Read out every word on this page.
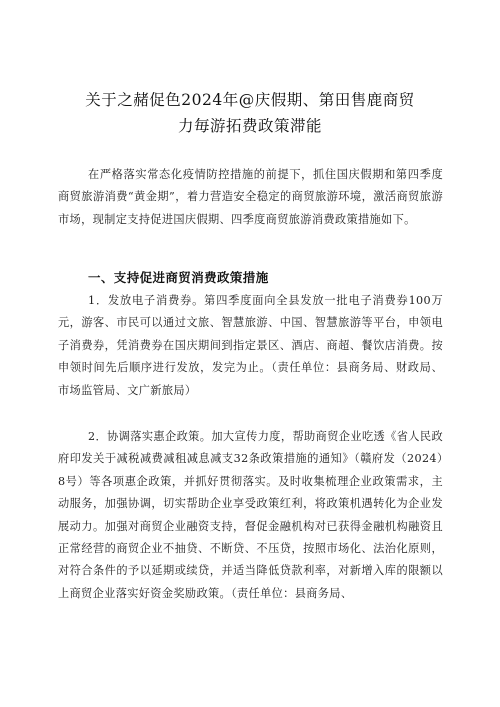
关于之赭促色2024年@庆假期、第田售鹿商贸
力毎游拓费政策滞能

在严格落实常态化疫情防控措施的前提下，抓住国庆假期和第四季度商贸旅游消费“黄金期”，着力营造安全稳定的商贸旅游环境，激活商贸旅游市场，现制定支持促进国庆假期、四季度商贸旅游消费政策措施如下。

一、支持促进商贸消费政策措施

1．发放电子消费券。第四季度面向全县发放一批电子消费券100万元，游客、市民可以通过文旅、智慧旅游、中国、智慧旅游等平台，申领电子消费券，凭消费券在国庆期间到指定景区、酒店、商超、餐饮店消费。按申领时间先后顺序进行发放，发完为止。（责任单位：县商务局、财政局、市场监管局、文广新旅局）

2．协调落实惠企政策。加大宣传力度，帮助商贸企业吃透《省人民政府印发关于减税减费减租减息减支32条政策措施的通知》（赣府发（2024）8号）等各项惠企政策，并抓好贯彻落实。及时收集梳理企业政策需求，主动服务，加强协调，切实帮助企业享受政策红利，将政策机遇转化为企业发展动力。加强对商贸企业融资支持，督促金融机构对已获得金融机构融资且正常经营的商贸企业不抽贷、不断贷、不压贷，按照市场化、法治化原则，对符合条件的予以延期或续贷，并适当降低贷款利率，对新增入库的限额以上商贸企业落实好资金奖励政策。（责任单位：县商务局、
